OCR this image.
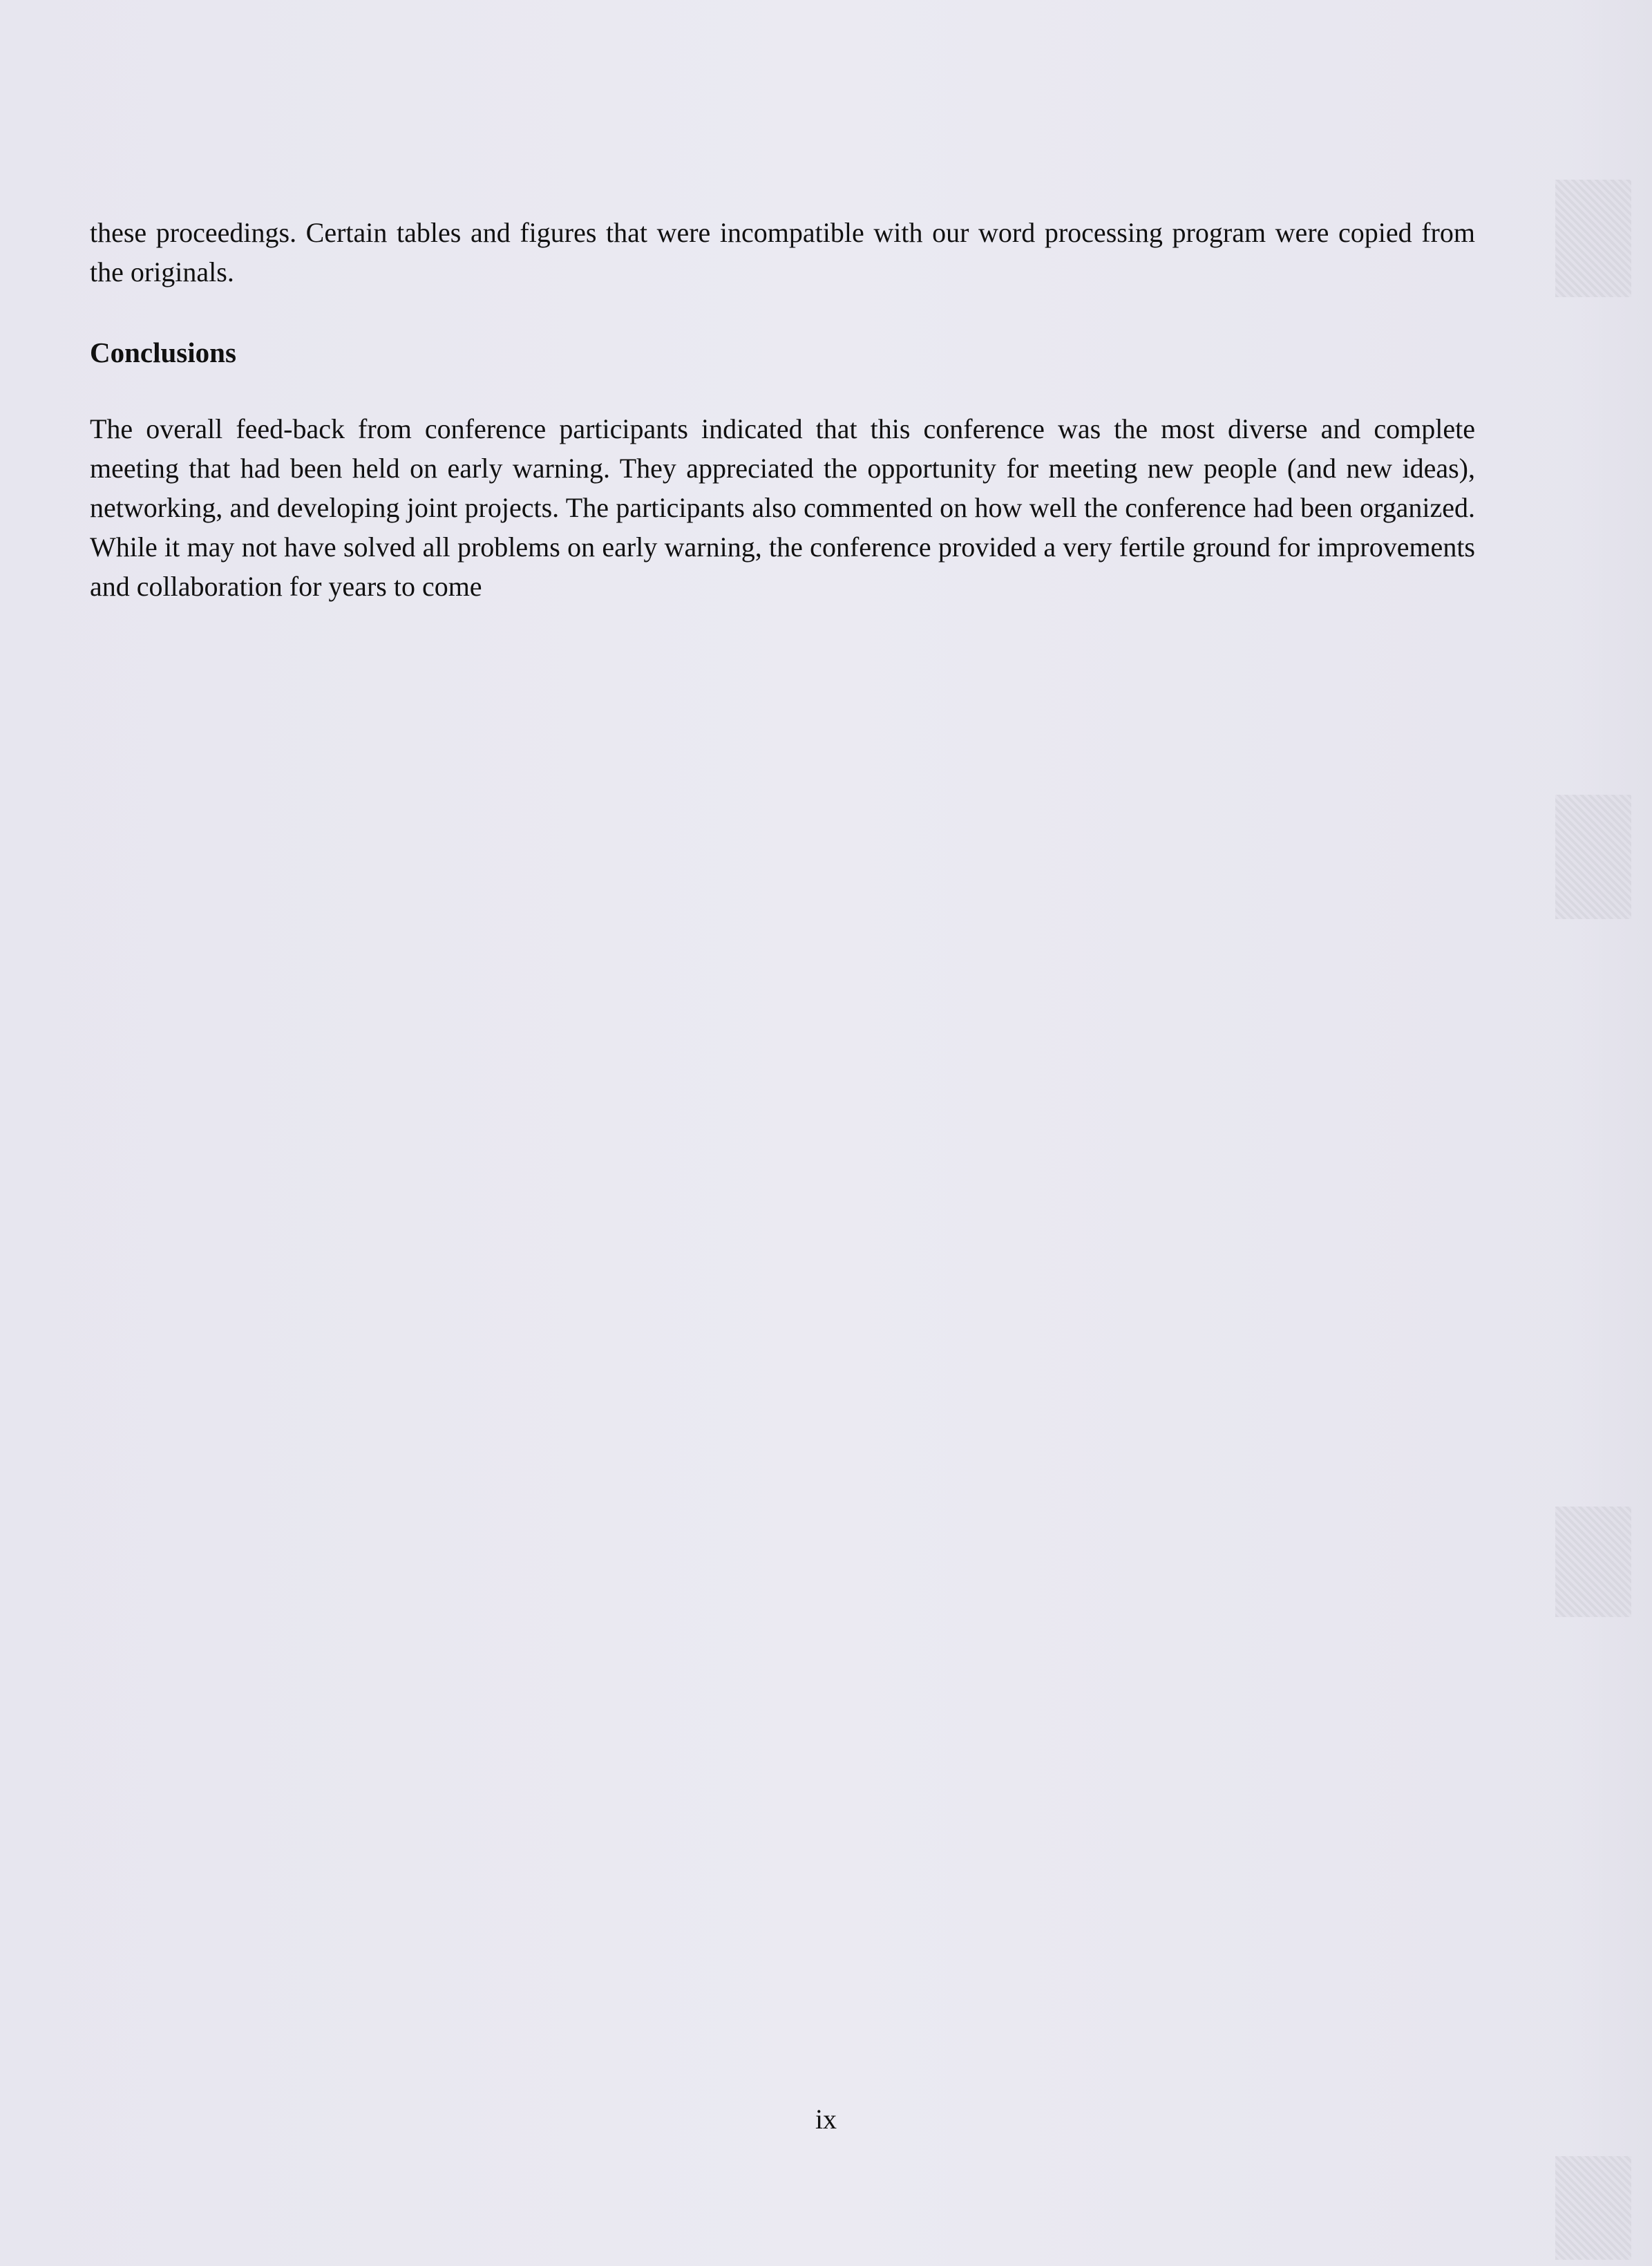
these proceedings. Certain tables and figures that were incompatible with our word processing program were copied from the originals.

Conclusions

The overall feed-back from conference participants indicated that this conference was the most diverse and complete meeting that had been held on early warning. They appreciated the opportunity for meeting new people (and new ideas), networking, and developing joint projects. The participants also commented on how well the conference had been organized. While it may not have solved all problems on early warning, the conference provided a very fertile ground for improvements and collaboration for years to come

ix
